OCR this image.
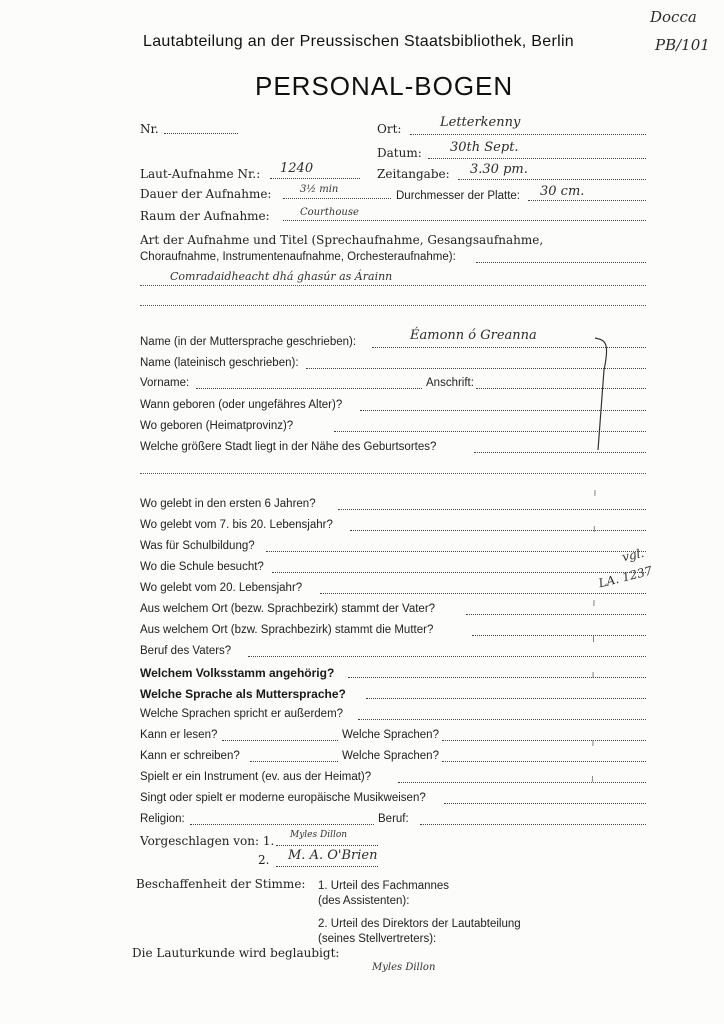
Docca
PB/101
Lautabteilung an der Preussischen Staatsbibliothek, Berlin
PERSONAL-BOGEN
Nr.	Ort:	Letterkenny
Datum: 30th Sept.
Laut-Aufnahme Nr.: 1240	Zeitangabe: 3.30 pm.
Dauer der Aufnahme:	3½ min
Durchmesser der Platte: 30 cm.
Raum der Aufnahme:	Courthouse
Art der Aufnahme und Titel (Sprechaufnahme, Gesangsaufnahme,
Choraufnahme, Instrumentenaufnahme, Orchesteraufnahme):
Comradaidheacht dhá ghasúr as Árainn
Name (in der Muttersprache geschrieben):	Éamonn ó Greanna
Name (lateinisch geschrieben):
Vorname:	Anschrift:
Wann geboren (oder ungefähres Alter)?
Wo geboren (Heimatprovinz)?
Welche größere Stadt liegt in der Nähe des Geburtsortes?
Wo gelebt in den ersten 6 Jahren?
Wo gelebt vom 7. bis 20. Lebensjahr?
Was für Schulbildung?
Wo die Schule besucht?
vgl.
Wo gelebt vom 20. Lebensjahr?	LA. 1237
Aus welchem Ort (bezw. Sprachbezirk) stammt der Vater?
Aus welchem Ort (bzw. Sprachbezirk) stammt die Mutter?
Beruf des Vaters?
Welchem Volksstamm angehörig?
Welche Sprache als Muttersprache?
Welche Sprachen spricht er außerdem?
Kann er lesen?	Welche Sprachen?
Kann er schreiben?	Welche Sprachen?
Spielt er ein Instrument (ev. aus der Heimat)?
Singt oder spielt er moderne europäische Musikweisen?
Religion:	Beruf:
Vorgeschlagen von: 1. Myles Dillon
2. M. A. O'Brien
Beschaffenheit der Stimme: 1. Urteil des Fachmannes
(des Assistenten):
2. Urteil des Direktors der Lautabteilung
(seines Stellvertreters):
Die Lauturkunde wird beglaubigt:
Myles Dillon
